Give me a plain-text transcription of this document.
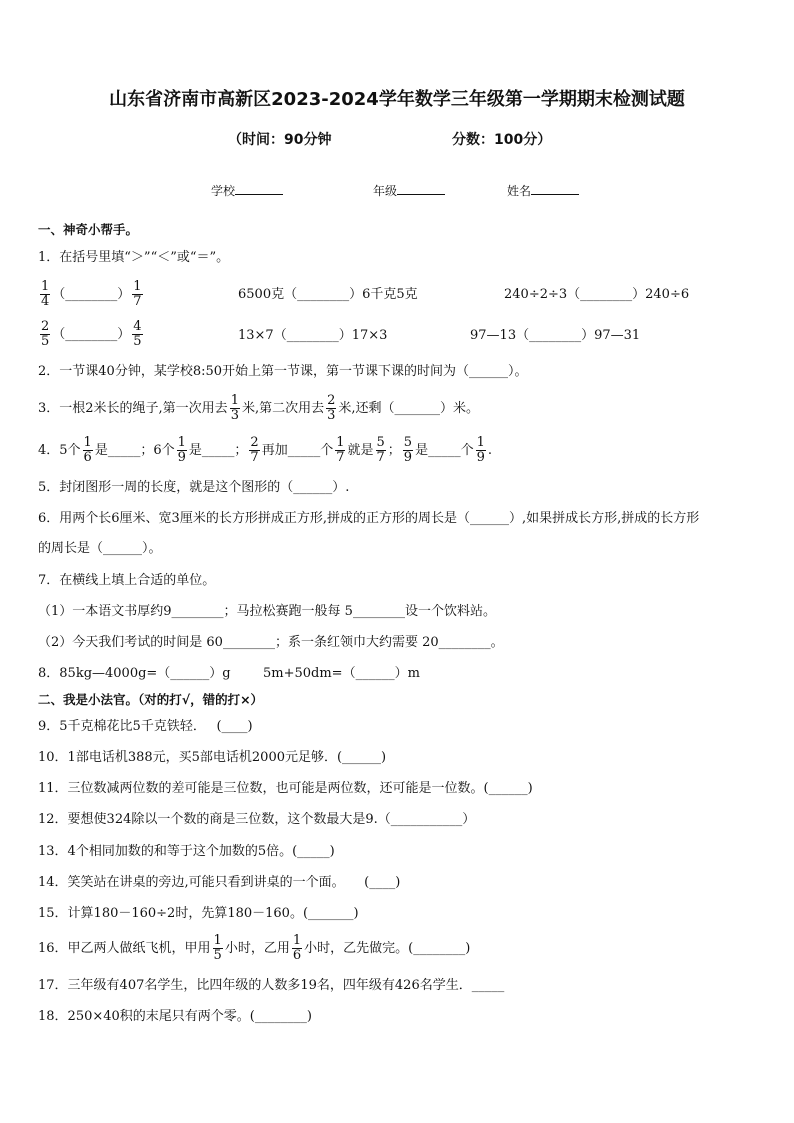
山东省济南市高新区2023-2024学年数学三年级第一学期期末检测试题
（时间：90分钟	分数：100分）
学校	年级	姓名
一、神奇小帮手。
1．在括号里填“＞”“＜”或“＝”。
$\frac{1}{4}$ （________） $\frac{1}{7}$	6500克（________）6千克5克	240÷2÷3（________）240÷6
$\frac{2}{5}$ （________） $\frac{4}{5}$	13×7（________）17×3	97—13（________）97—31
2．一节课40分钟，某学校8:50开始上第一节课，第一节课下课的时间为（______）。
3．一根2米长的绳子,第一次用去 $\frac{1}{3}$ 米,第二次用去 $\frac{2}{3}$ 米,还剩（_______）米。
4．5个 $\frac{1}{6}$ 是_____；6个 $\frac{1}{9}$ 是_____； $\frac{2}{7}$ 再加_____个 $\frac{1}{7}$ 就是 $\frac{5}{7}$ ； $\frac{5}{9}$ 是_____个 $\frac{1}{9}$ .
5．封闭图形一周的长度，就是这个图形的（______）.
6．用两个长6厘米、宽3厘米的长方形拼成正方形,拼成的正方形的周长是（______）,如果拼成长方形,拼成的长方形
的周长是（______）。
7．在横线上填上合适的单位。
（1）一本语文书厚约9________；马拉松赛跑一般每 5________设一个饮料站。
（2）今天我们考试的时间是 60________；系一条红领巾大约需要 20________。
8．85kg—4000g=（______）g 5m+50dm=（______）m
二、我是小法官。（对的打√，错的打×）
9．5千克棉花比5千克铁轻．　 (____)
10．1部电话机388元，买5部电话机2000元足够．(______)
11．三位数减两位数的差可能是三位数，也可能是两位数，还可能是一位数。(______)
12．要想使324除以一个数的商是三位数，这个数最大是9.（___________）
13．4个相同加数的和等于这个加数的5倍。(_____)
14．笑笑站在讲桌的旁边,可能只看到讲桌的一个面。　　(____)
15．计算180－160÷2时，先算180－160。(_______)
16．甲乙两人做纸飞机，甲用 $\frac{1}{5}$ 小时，乙用 $\frac{1}{6}$ 小时，乙先做完。(________)
17．三年级有407名学生，比四年级的人数多19名，四年级有426名学生．_____
18．250×40积的末尾只有两个零。(________)
